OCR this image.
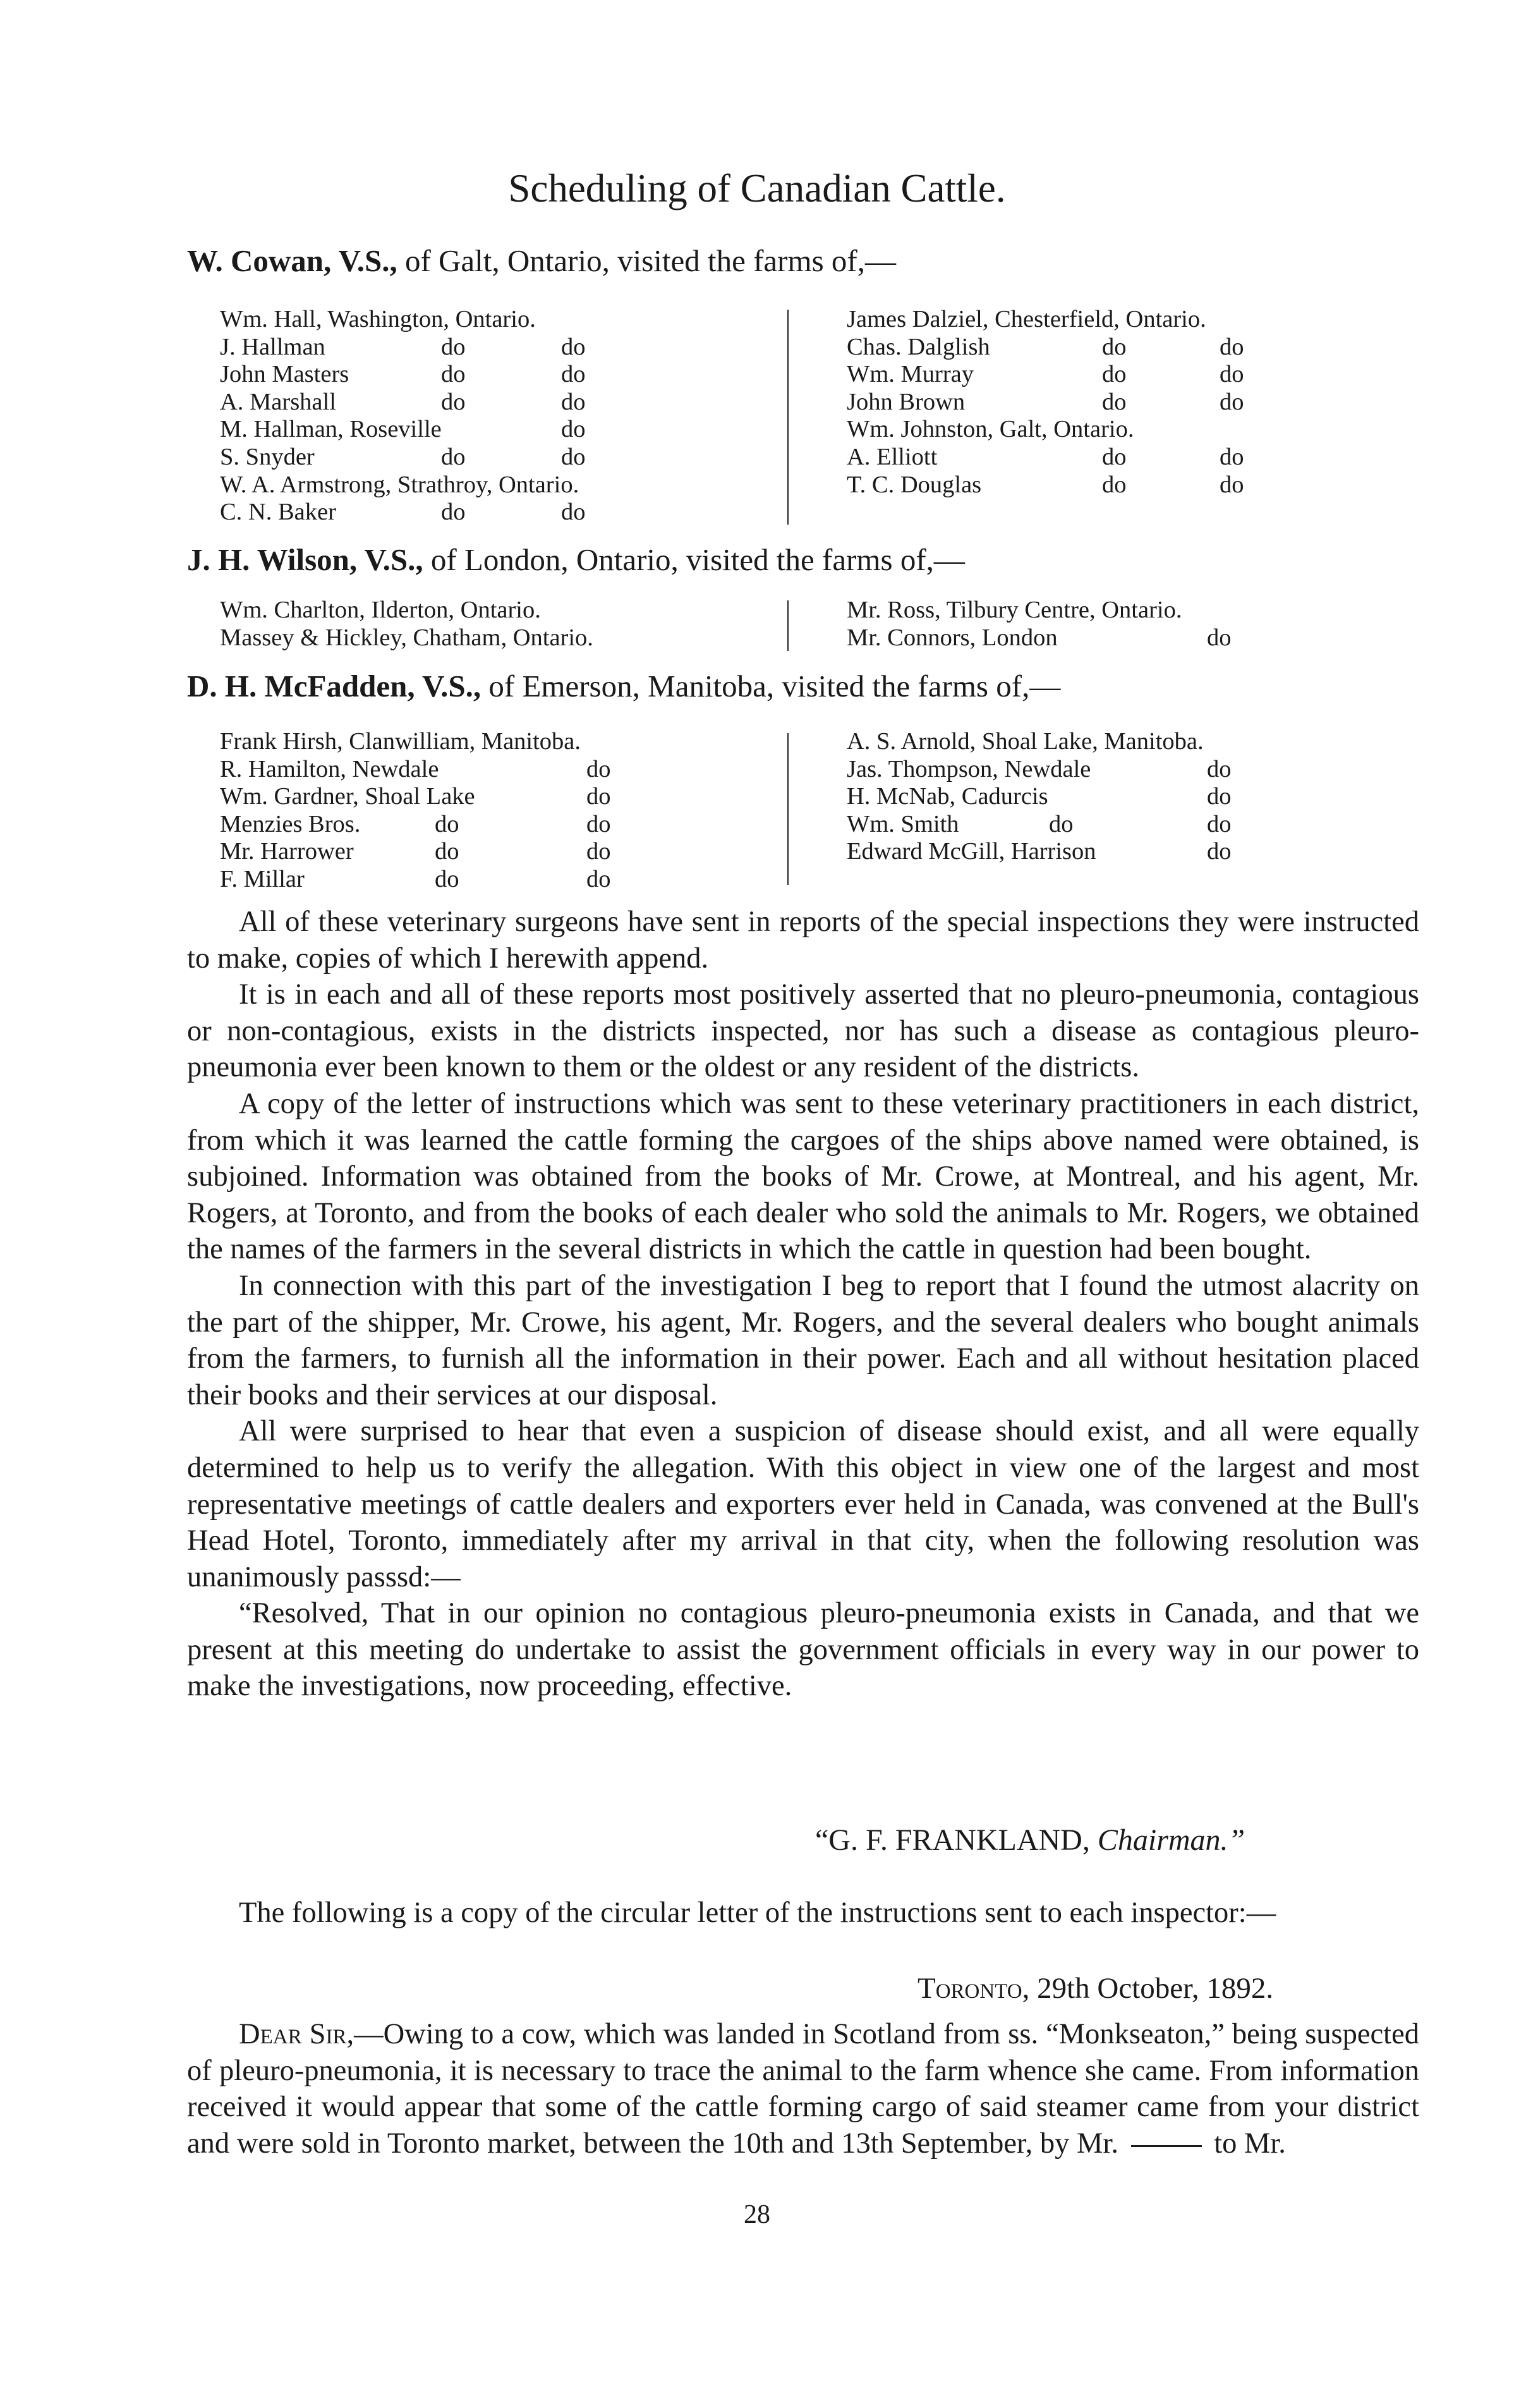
Scheduling of Canadian Cattle.
W. Cowan, V.S., of Galt, Ontario, visited the farms of,—
Wm. Hall, Washington, Ontario.
J. Hallman	do	do
John Masters	do	do
A. Marshall	do	do
M. Hallman, Roseville	do
S. Snyder	do	do
W. A. Armstrong, Strathroy, Ontario.
C. N. Baker	do	do
James Dalziel, Chesterfield, Ontario.
Chas. Dalglish	do	do
Wm. Murray	do	do
John Brown	do	do
Wm. Johnston, Galt, Ontario.
A. Elliott	do	do
T. C. Douglas	do	do
J. H. Wilson, V.S., of London, Ontario, visited the farms of,—
Wm. Charlton, Ilderton, Ontario.
Massey & Hickley, Chatham, Ontario.
Mr. Ross, Tilbury Centre, Ontario.
Mr. Connors, London	do
D. H. McFadden, V.S., of Emerson, Manitoba, visited the farms of,—
Frank Hirsh, Clanwilliam, Manitoba.
R. Hamilton, Newdale	do
Wm. Gardner, Shoal Lake	do
Menzies Bros.	do	do
Mr. Harrower	do	do
F. Millar	do	do
A. S. Arnold, Shoal Lake, Manitoba.
Jas. Thompson, Newdale	do
H. McNab, Cadurcis	do
Wm. Smith	do	do
Edward McGill, Harrison	do

All of these veterinary surgeons have sent in reports of the special inspections they were instructed to make, copies of which I herewith append.

It is in each and all of these reports most positively asserted that no pleuro-pneumonia, contagious or non-contagious, exists in the districts inspected, nor has such a disease as contagious pleuro-pneumonia ever been known to them or the oldest or any resident of the districts.

A copy of the letter of instructions which was sent to these veterinary practitioners in each district, from which it was learned the cattle forming the cargoes of the ships above named were obtained, is subjoined. Information was obtained from the books of Mr. Crowe, at Montreal, and his agent, Mr. Rogers, at Toronto, and from the books of each dealer who sold the animals to Mr. Rogers, we obtained the names of the farmers in the several districts in which the cattle in question had been bought.

In connection with this part of the investigation I beg to report that I found the utmost alacrity on the part of the shipper, Mr. Crowe, his agent, Mr. Rogers, and the several dealers who bought animals from the farmers, to furnish all the information in their power. Each and all without hesitation placed their books and their services at our disposal.

All were surprised to hear that even a suspicion of disease should exist, and all were equally determined to help us to verify the allegation. With this object in view one of the largest and most representative meetings of cattle dealers and exporters ever held in Canada, was convened at the Bull's Head Hotel, Toronto, immediately after my arrival in that city, when the following resolution was unanimously passsd:—

“Resolved, That in our opinion no contagious pleuro-pneumonia exists in Canada, and that we present at this meeting do undertake to assist the government officials in every way in our power to make the investigations, now proceeding, effective.

“G. F. FRANKLAND, Chairman.”

The following is a copy of the circular letter of the instructions sent to each inspector:—

Toronto, 29th October, 1892.

Dear Sir,—Owing to a cow, which was landed in Scotland from ss. “Monkseaton,” being suspected of pleuro-pneumonia, it is necessary to trace the animal to the farm whence she came. From information received it would appear that some of the cattle forming cargo of said steamer came from your district and were sold in Toronto market, between the 10th and 13th September, by Mr.	to Mr.

28
